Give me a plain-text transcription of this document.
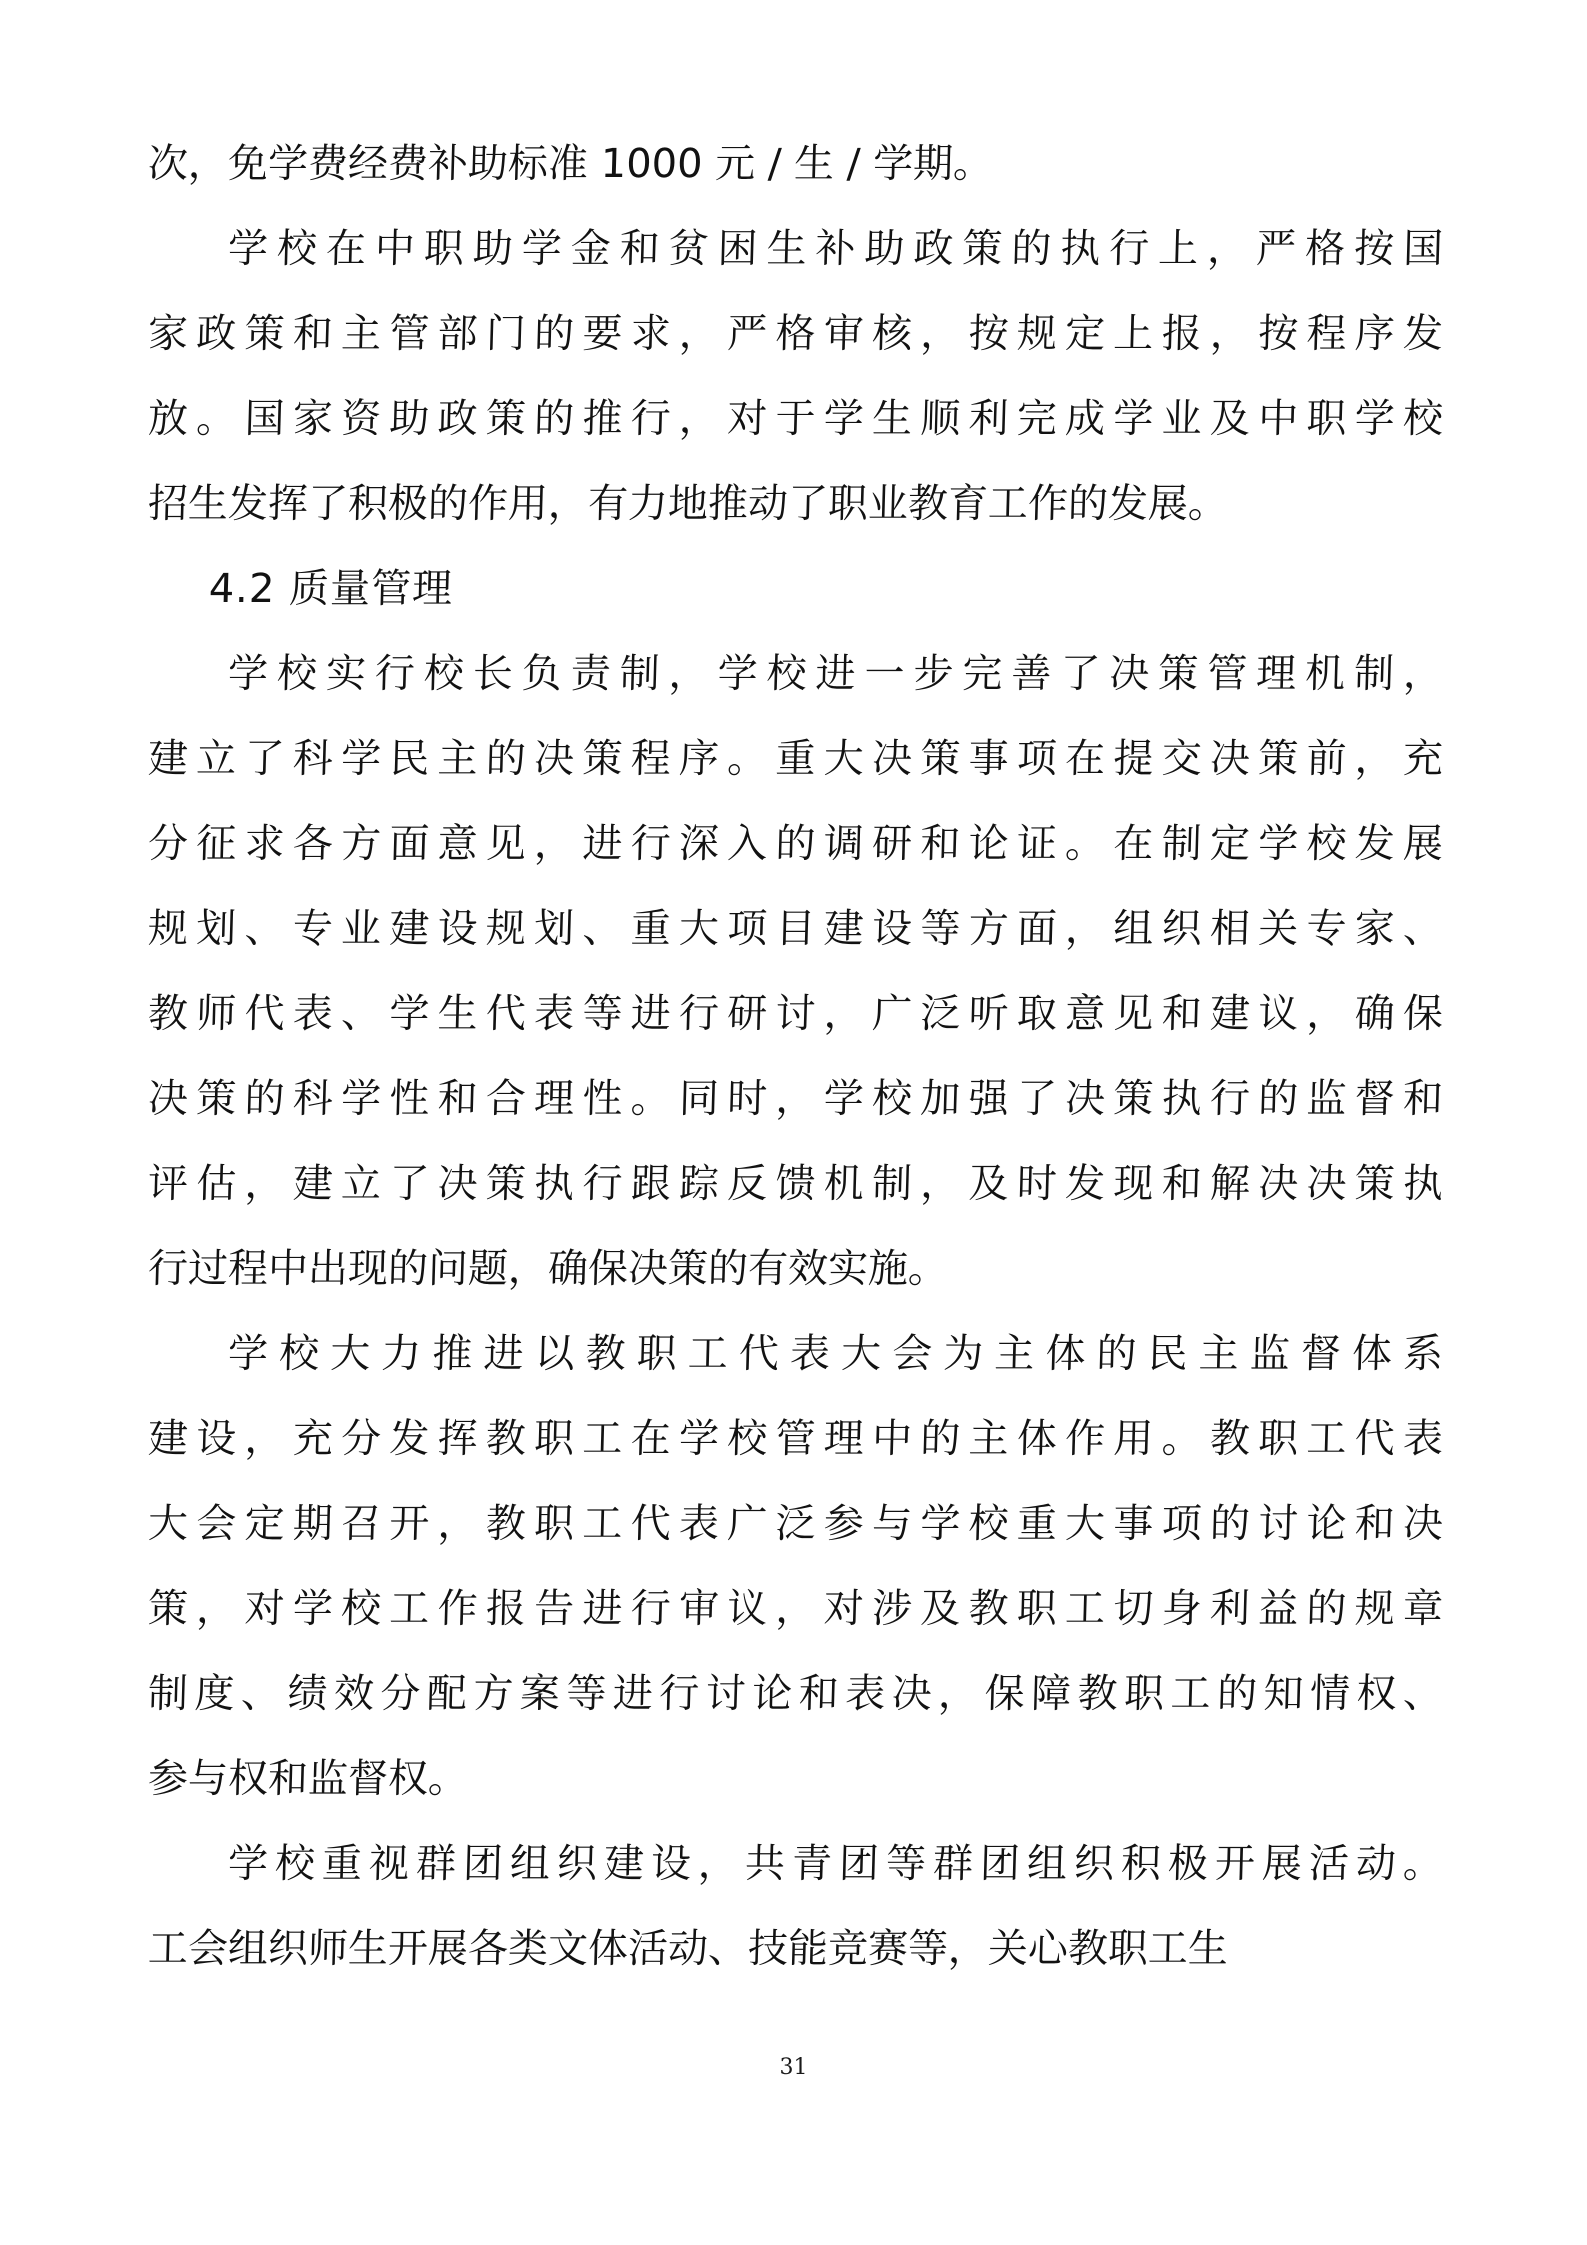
次，免学费经费补助标准 1000 元 / 生 / 学期。
学校在中职助学金和贫困生补助政策的执行上，严格按国
家政策和主管部门的要求，严格审核，按规定上报，按程序发
放。国家资助政策的推行，对于学生顺利完成学业及中职学校
招生发挥了积极的作用，有力地推动了职业教育工作的发展。
4.2 质量管理
学校实行校长负责制，学校进一步完善了决策管理机制，
建立了科学民主的决策程序。重大决策事项在提交决策前，充
分征求各方面意见，进行深入的调研和论证。在制定学校发展
规划、专业建设规划、重大项目建设等方面，组织相关专家、
教师代表、学生代表等进行研讨，广泛听取意见和建议，确保
决策的科学性和合理性。同时，学校加强了决策执行的监督和
评估，建立了决策执行跟踪反馈机制，及时发现和解决决策执
行过程中出现的问题，确保决策的有效实施。
学校大力推进以教职工代表大会为主体的民主监督体系
建设，充分发挥教职工在学校管理中的主体作用。教职工代表
大会定期召开，教职工代表广泛参与学校重大事项的讨论和决
策，对学校工作报告进行审议，对涉及教职工切身利益的规章
制度、绩效分配方案等进行讨论和表决，保障教职工的知情权、
参与权和监督权。
学校重视群团组织建设，共青团等群团组织积极开展活动。
工会组织师生开展各类文体活动、技能竞赛等，关心教职工生
31
